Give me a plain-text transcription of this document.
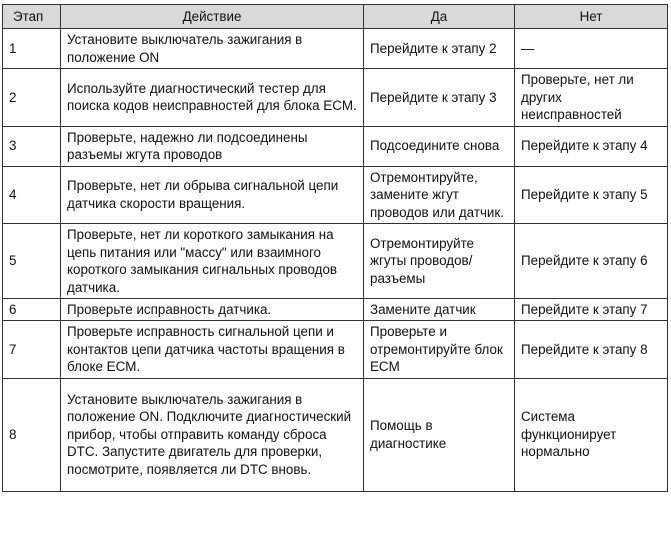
Этап	Действие	Да	Нет
1	Установите выключатель зажигания в положение ON	Перейдите к этапу 2	—
2	Используйте диагностический тестер для поиска кодов неисправностей для блока ECM.	Перейдите к этапу 3	Проверьте, нет ли других неисправностей
3	Проверьте, надежно ли подсоединены разъемы жгута проводов	Подсоедините снова	Перейдите к этапу 4
4	Проверьте, нет ли обрыва сигнальной цепи датчика скорости вращения.	Отремонтируйте, замените жгут проводов или датчик.	Перейдите к этапу 5
5	Проверьте, нет ли короткого замыкания на цепь питания или "массу" или взаимного короткого замыкания сигнальных проводов датчика.	Отремонтируйте жгуты проводов/ разъемы	Перейдите к этапу 6
6	Проверьте исправность датчика.	Замените датчик	Перейдите к этапу 7
7	Проверьте исправность сигнальной цепи и контактов цепи датчика частоты вращения в блоке ECM.	Проверьте и отремонтируйте блок ECM	Перейдите к этапу 8
8	Установите выключатель зажигания в положение ON. Подключите диагностический прибор, чтобы отправить команду сброса DTC. Запустите двигатель для проверки, посмотрите, появляется ли DTC вновь.	Помощь в диагностике	Система функционирует нормально
